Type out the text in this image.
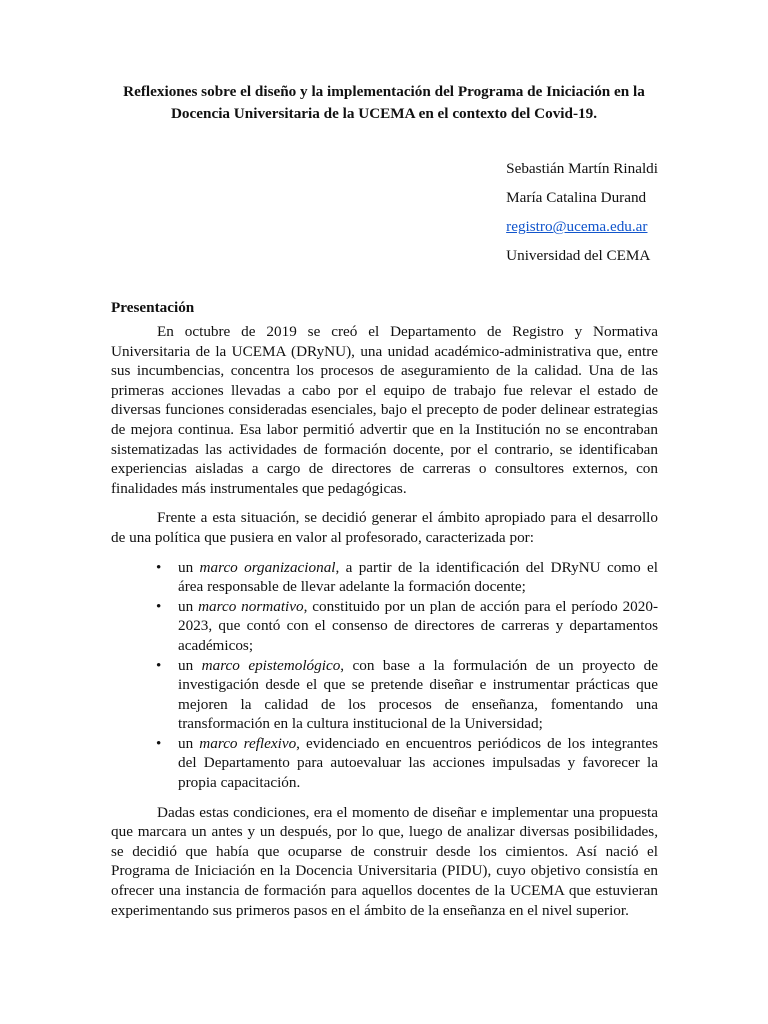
Reflexiones sobre el diseño y la implementación del Programa de Iniciación en la Docencia Universitaria de la UCEMA en el contexto del Covid-19.
Sebastián Martín Rinaldi
María Catalina Durand
registro@ucema.edu.ar
Universidad del CEMA
Presentación

En octubre de 2019 se creó el Departamento de Registro y Normativa Universitaria de la UCEMA (DRyNU), una unidad académico-administrativa que, entre sus incumbencias, concentra los procesos de aseguramiento de la calidad. Una de las primeras acciones llevadas a cabo por el equipo de trabajo fue relevar el estado de diversas funciones consideradas esenciales, bajo el precepto de poder delinear estrategias de mejora continua. Esa labor permitió advertir que en la Institución no se encontraban sistematizadas las actividades de formación docente, por el contrario, se identificaban experiencias aisladas a cargo de directores de carreras o consultores externos, con finalidades más instrumentales que pedagógicas.

Frente a esta situación, se decidió generar el ámbito apropiado para el desarrollo de una política que pusiera en valor al profesorado, caracterizada por:

• un marco organizacional, a partir de la identificación del DRyNU como el área responsable de llevar adelante la formación docente;
• un marco normativo, constituido por un plan de acción para el período 2020-2023, que contó con el consenso de directores de carreras y departamentos académicos;
• un marco epistemológico, con base a la formulación de un proyecto de investigación desde el que se pretende diseñar e instrumentar prácticas que mejoren la calidad de los procesos de enseñanza, fomentando una transformación en la cultura institucional de la Universidad;
• un marco reflexivo, evidenciado en encuentros periódicos de los integrantes del Departamento para autoevaluar las acciones impulsadas y favorecer la propia capacitación.

Dadas estas condiciones, era el momento de diseñar e implementar una propuesta que marcara un antes y un después, por lo que, luego de analizar diversas posibilidades, se decidió que había que ocuparse de construir desde los cimientos. Así nació el Programa de Iniciación en la Docencia Universitaria (PIDU), cuyo objetivo consistía en ofrecer una instancia de formación para aquellos docentes de la UCEMA que estuvieran experimentando sus primeros pasos en el ámbito de la enseñanza en el nivel superior.
